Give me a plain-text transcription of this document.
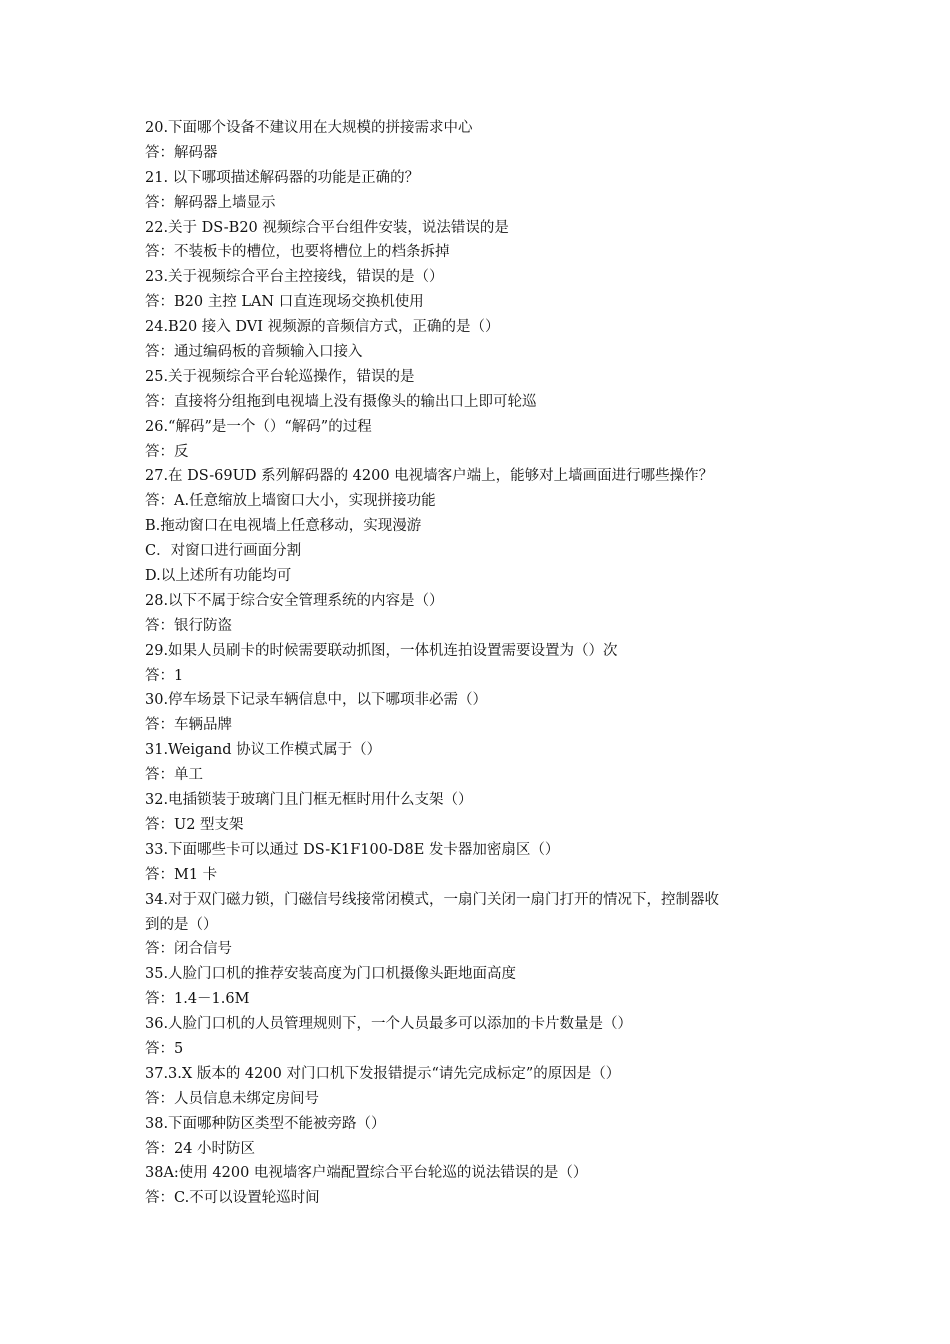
20.下面哪个设备不建议用在大规模的拼接需求中心
答：解码器
21. 以下哪项描述解码器的功能是正确的？
答：解码器上墙显示
22.关于 DS-B20 视频综合平台组件安装，说法错误的是
答：不装板卡的槽位，也要将槽位上的档条拆掉
23.关于视频综合平台主控接线，错误的是（）
答：B20 主控 LAN 口直连现场交换机使用
24.B20 接入 DVI 视频源的音频信方式，正确的是（）
答：通过编码板的音频输入口接入
25.关于视频综合平台轮巡操作，错误的是
答：直接将分组拖到电视墙上没有摄像头的输出口上即可轮巡
26.“解码”是一个（）“解码”的过程
答：反
27.在 DS-69UD 系列解码器的 4200 电视墙客户端上，能够对上墙画面进行哪些操作？
答：A.任意缩放上墙窗口大小，实现拼接功能
B.拖动窗口在电视墙上任意移动，实现漫游
C．对窗口进行画面分割
D.以上述所有功能均可
28.以下不属于综合安全管理系统的内容是（）
答：银行防盗
29.如果人员刷卡的时候需要联动抓图，一体机连拍设置需要设置为（）次
答：1
30.停车场景下记录车辆信息中，以下哪项非必需（）
答：车辆品牌
31.Weigand 协议工作模式属于（）
答：单工
32.电插锁装于玻璃门且门框无框时用什么支架（）
答：U2 型支架
33.下面哪些卡可以通过 DS-K1F100-D8E 发卡器加密扇区（）
答：M1 卡
34.对于双门磁力锁，门磁信号线接常闭模式，一扇门关闭一扇门打开的情况下，控制器收
到的是（）
答：闭合信号
35.人脸门口机的推荐安装高度为门口机摄像头距地面高度
答：1.4－1.6M
36.人脸门口机的人员管理规则下，一个人员最多可以添加的卡片数量是（）
答：5
37.3.X 版本的 4200 对门口机下发报错提示“请先完成标定”的原因是（）
答：人员信息未绑定房间号
38.下面哪种防区类型不能被旁路（）
答：24 小时防区
38A:使用 4200 电视墙客户端配置综合平台轮巡的说法错误的是（）
答：C.不可以设置轮巡时间
